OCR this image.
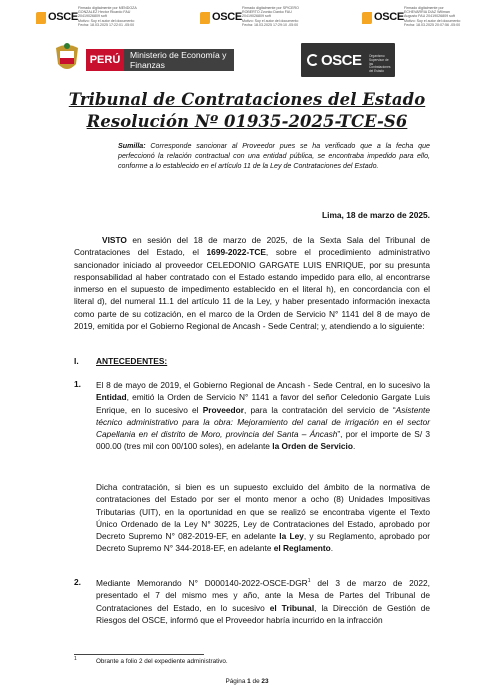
OSCE
Firmado digitalmente por MENDOZA
GONZALEZ Hector Ricardo FAU
20419026809 soft
Motivo: Soy el autor del documento
Fecha: 18.03.2025 17:22:01 -05:00
OSCE
Firmado digitalmente por SPICERO
ROBERTO Zvonko Danko FAU
20419026809 soft
Motivo: Soy el autor del documento
Fecha: 18.03.2025 17:29:10 -05:00
OSCE
Firmado digitalmente por
ECHEVARRIA DIAZ Wiliman
Augusto FAU 20419026809 soft
Motivo: Soy el autor del documento
Fecha: 18.03.2025 20:07:56 -05:00
PERÚ	Ministerio de Economía y Finanzas	OSCE Organismo Supervisor de las Contrataciones del Estado
Tribunal de Contrataciones del Estado
Resolución Nº 01935-2025-TCE-S6
Sumilla: Corresponde sancionar al Proveedor pues se ha verificado que a la fecha que perfeccionó la relación contractual con una entidad pública, se encontraba impedido para ello, conforme a lo establecido en el artículo 11 de la Ley de Contrataciones del Estado.
Lima, 18 de marzo de 2025.
VISTO en sesión del 18 de marzo de 2025, de la Sexta Sala del Tribunal de Contrataciones del Estado, el 1699-2022-TCE, sobre el procedimiento administrativo sancionador iniciado al proveedor CELEDONIO GARGATE LUIS ENRIQUE, por su presunta responsabilidad al haber contratado con el Estado estando impedido para ello, al encontrarse inmerso en el supuesto de impedimento establecido en el literal h), en concordancia con el literal d), del numeral 11.1 del artículo 11 de la Ley, y haber presentado información inexacta como parte de su cotización, en el marco de la Orden de Servicio N° 1141 del 8 de mayo de 2019, emitida por el Gobierno Regional de Ancash - Sede Central; y, atendiendo a lo siguiente:
I. ANTECEDENTES:
1. El 8 de mayo de 2019, el Gobierno Regional de Ancash - Sede Central, en lo sucesivo la Entidad, emitió la Orden de Servicio N° 1141 a favor del señor Celedonio Gargate Luis Enrique, en lo sucesivo el Proveedor, para la contratación del servicio de “Asistente técnico administrativo para la obra: Mejoramiento del canal de irrigación en el sector Capellania en el distrito de Moro, provincia del Santa – Áncash”, por el importe de S/ 3 000.00 (tres mil con 00/100 soles), en adelante la Orden de Servicio.
Dicha contratación, si bien es un supuesto excluido del ámbito de la normativa de contrataciones del Estado por ser el monto menor a ocho (8) Unidades Impositivas Tributarias (UIT), en la oportunidad en que se realizó se encontraba vigente el Texto Único Ordenado de la Ley N° 30225, Ley de Contrataciones del Estado, aprobado por Decreto Supremo N° 082-2019-EF, en adelante la Ley, y su Reglamento, aprobado por Decreto Supremo N° 344-2018-EF, en adelante el Reglamento.
2. Mediante Memorando N° D000140-2022-OSCE-DGR$^1$ del 3 de marzo de 2022, presentado el 7 del mismo mes y año, ante la Mesa de Partes del Tribunal de Contrataciones del Estado, en lo sucesivo el Tribunal, la Dirección de Gestión de Riesgos del OSCE, informó que el Proveedor habría incurrido en la infracción
$^1$	Obrante a folio 2 del expediente administrativo.
Página 1 de 23
